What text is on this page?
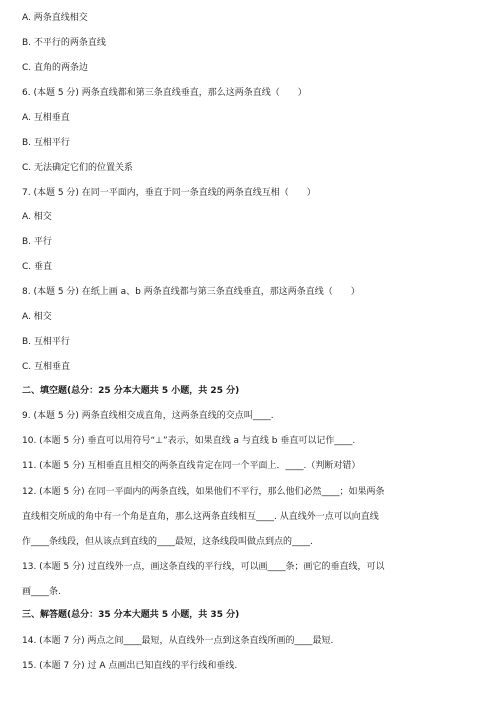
A. 两条直线相交
B. 不平行的两条直线
C. 直角的两条边
6. (本题 5 分) 两条直线都和第三条直线垂直，那么这两条直线（　　）
A. 互相垂直
B. 互相平行
C. 无法确定它们的位置关系
7. (本题 5 分) 在同一平面内，垂直于同一条直线的两条直线互相（　　）
A. 相交
B. 平行
C. 垂直
8. (本题 5 分) 在纸上画 a、b 两条直线都与第三条直线垂直，那这两条直线（　　）
A. 相交
B. 互相平行
C. 互相垂直
二、填空题(总分：25 分本大题共 5 小题，共 25 分)
9. (本题 5 分) 两条直线相交成直角，这两条直线的交点叫____.
10. (本题 5 分) 垂直可以用符号“⊥”表示，如果直线 a 与直线 b 垂直可以记作____.
11. (本题 5 分) 互相垂直且相交的两条直线肯定在同一个平面上．____.（判断对错）
12. (本题 5 分) 在同一平面内的两条直线，如果他们不平行，那么他们必然____；如果两条
直线相交所成的角中有一个角是直角，那么这两条直线相互____. 从直线外一点可以向直线
作____条线段，但从该点到直线的____最短，这条线段叫做点到点的____.
13. (本题 5 分) 过直线外一点，画这条直线的平行线，可以画____条；画它的垂直线，可以
画____条.
三、解答题(总分：35 分本大题共 5 小题，共 35 分)
14. (本题 7 分) 两点之间____最短，从直线外一点到这条直线所画的____最短.
15. (本题 7 分) 过 A 点画出已知直线的平行线和垂线.
